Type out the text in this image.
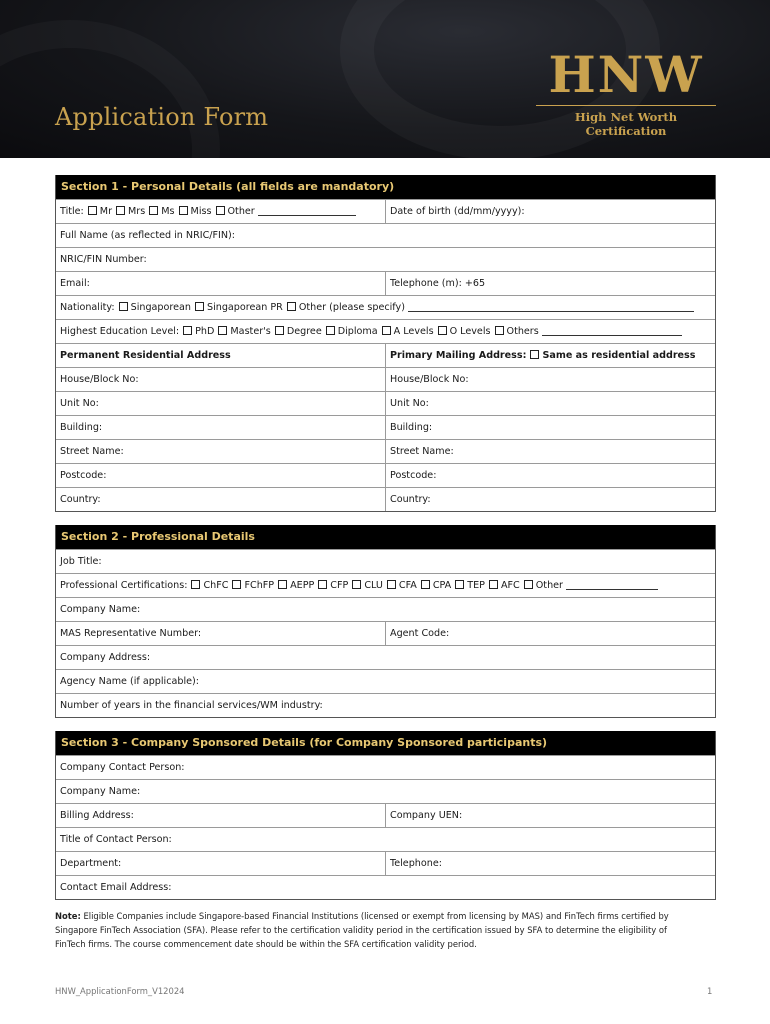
Application Form
HNW
High Net Worth Certification
Section 1 - Personal Details (all fields are mandatory)
Title: Mr Mrs Ms Miss Other	Date of birth (dd/mm/yyyy):
Full Name (as reflected in NRIC/FIN):
NRIC/FIN Number:
Email:	Telephone (m): +65
Nationality: Singaporean Singaporean PR Other (please specify)
Highest Education Level: PhD Master's Degree Diploma A Levels O Levels Others
Permanent Residential Address	Primary Mailing Address: Same as residential address
House/Block No:	House/Block No:
Unit No:	Unit No:
Building:	Building:
Street Name:	Street Name:
Postcode:	Postcode:
Country:	Country:
Section 2 - Professional Details
Job Title:
Professional Certifications: ChFC FChFP AEPP CFP CLU CFA CPA TEP AFC Other
Company Name:
MAS Representative Number:	Agent Code:
Company Address:
Agency Name (if applicable):
Number of years in the financial services/WM industry:
Section 3 - Company Sponsored Details (for Company Sponsored participants)
Company Contact Person:
Company Name:
Billing Address:	Company UEN:
Title of Contact Person:
Department:	Telephone:
Contact Email Address:
Note: Eligible Companies include Singapore-based Financial Institutions (licensed or exempt from licensing by MAS) and FinTech firms certified by Singapore FinTech Association (SFA). Please refer to the certification validity period in the certification issued by SFA to determine the eligibility of FinTech firms. The course commencement date should be within the SFA certification validity period.
HNW_ApplicationForm_V12024	1
